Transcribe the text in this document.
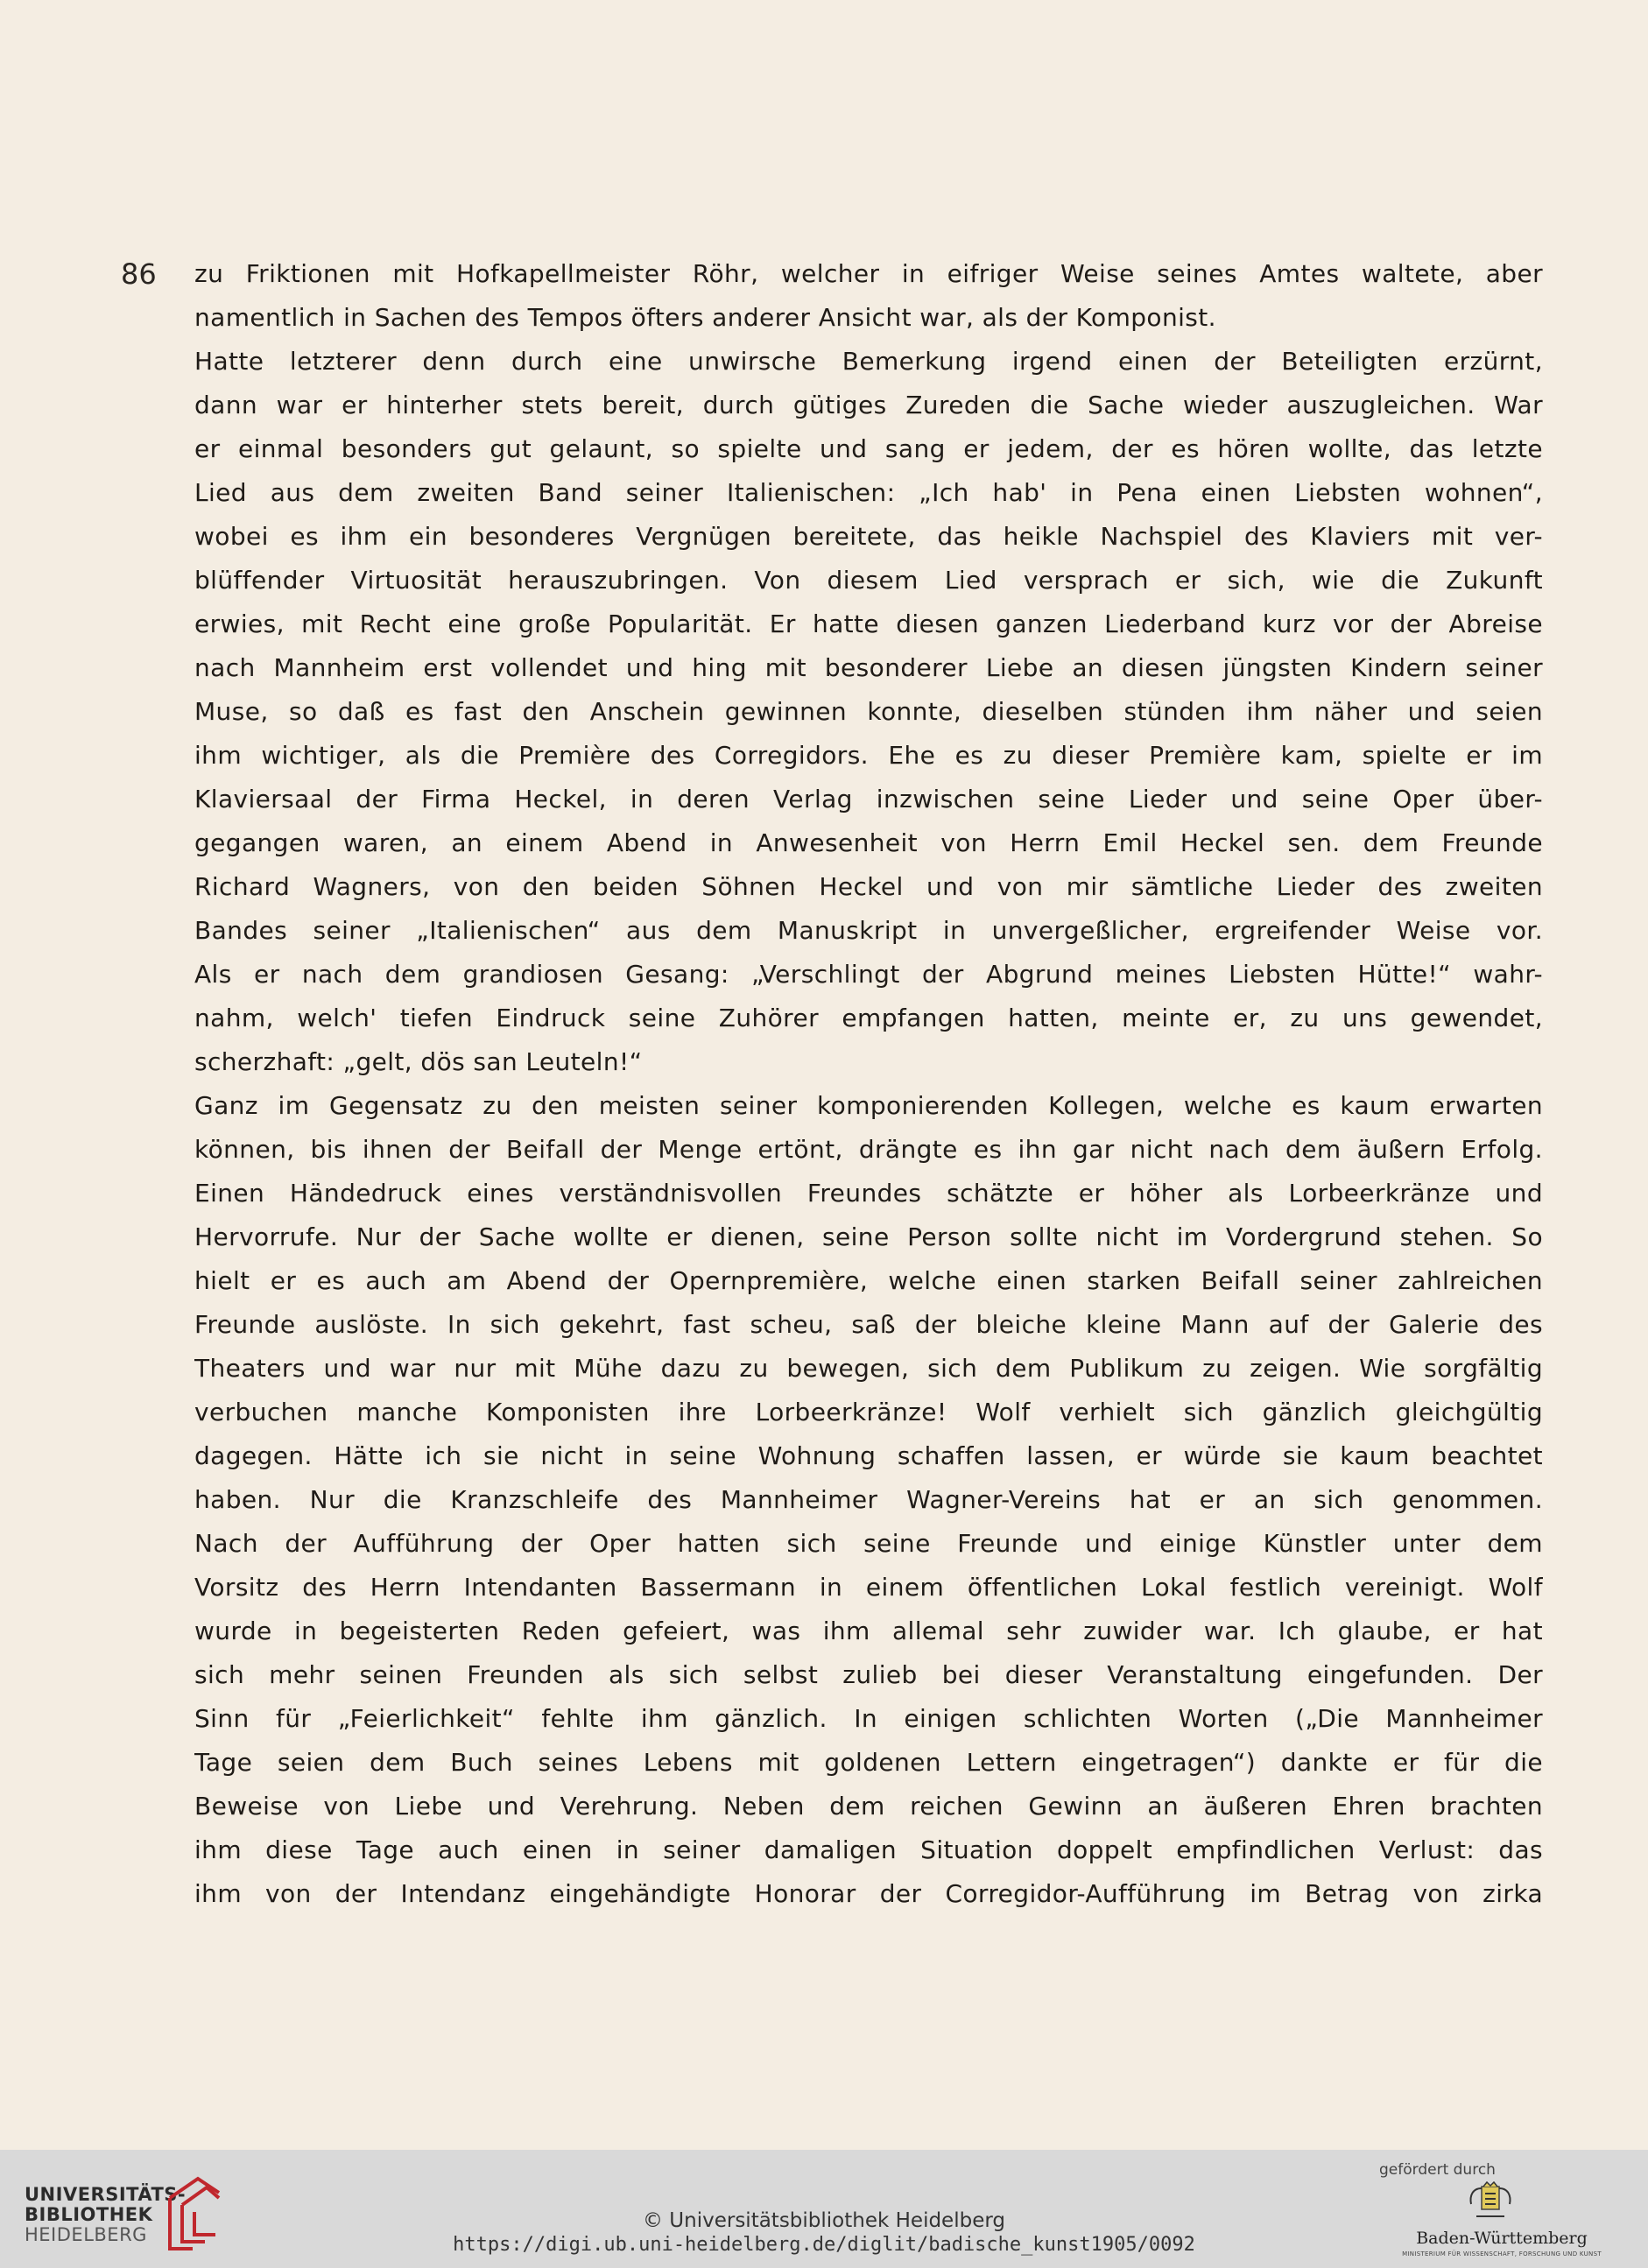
86 zu Friktionen mit Hofkapellmeister Röhr, welcher in eifriger Weise seines Amtes waltete, aber
namentlich in Sachen des Tempos öfters anderer Ansicht war, als der Komponist.
Hatte letzterer denn durch eine unwirsche Bemerkung irgend einen der Beteiligten erzürnt,
dann war er hinterher stets bereit, durch gütiges Zureden die Sache wieder auszugleichen. War
er einmal besonders gut gelaunt, so spielte und sang er jedem, der es hören wollte, das letzte
Lied aus dem zweiten Band seiner Italienischen: „Ich hab' in Pena einen Liebsten wohnen“,
wobei es ihm ein besonderes Vergnügen bereitete, das heikle Nachspiel des Klaviers mit ver-
blüffender Virtuosität herauszubringen. Von diesem Lied versprach er sich, wie die Zukunft
erwies, mit Recht eine große Popularität. Er hatte diesen ganzen Liederband kurz vor der Abreise
nach Mannheim erst vollendet und hing mit besonderer Liebe an diesen jüngsten Kindern seiner
Muse, so daß es fast den Anschein gewinnen konnte, dieselben stünden ihm näher und seien
ihm wichtiger, als die Première des Corregidors. Ehe es zu dieser Première kam, spielte er im
Klaviersaal der Firma Heckel, in deren Verlag inzwischen seine Lieder und seine Oper über-
gegangen waren, an einem Abend in Anwesenheit von Herrn Emil Heckel sen. dem Freunde
Richard Wagners, von den beiden Söhnen Heckel und von mir sämtliche Lieder des zweiten
Bandes seiner „Italienischen“ aus dem Manuskript in unvergeßlicher, ergreifender Weise vor.
Als er nach dem grandiosen Gesang: „Verschlingt der Abgrund meines Liebsten Hütte!“ wahr-
nahm, welch' tiefen Eindruck seine Zuhörer empfangen hatten, meinte er, zu uns gewendet,
scherzhaft: „gelt, dös san Leuteln!“
Ganz im Gegensatz zu den meisten seiner komponierenden Kollegen, welche es kaum erwarten
können, bis ihnen der Beifall der Menge ertönt, drängte es ihn gar nicht nach dem äußern Erfolg.
Einen Händedruck eines verständnisvollen Freundes schätzte er höher als Lorbeerkränze und
Hervorrufe. Nur der Sache wollte er dienen, seine Person sollte nicht im Vordergrund stehen. So
hielt er es auch am Abend der Opernpremière, welche einen starken Beifall seiner zahlreichen
Freunde auslöste. In sich gekehrt, fast scheu, saß der bleiche kleine Mann auf der Galerie des
Theaters und war nur mit Mühe dazu zu bewegen, sich dem Publikum zu zeigen. Wie sorgfältig
verbuchen manche Komponisten ihre Lorbeerkränze! Wolf verhielt sich gänzlich gleichgültig
dagegen. Hätte ich sie nicht in seine Wohnung schaffen lassen, er würde sie kaum beachtet
haben. Nur die Kranzschleife des Mannheimer Wagner-Vereins hat er an sich genommen.
Nach der Aufführung der Oper hatten sich seine Freunde und einige Künstler unter dem
Vorsitz des Herrn Intendanten Bassermann in einem öffentlichen Lokal festlich vereinigt. Wolf
wurde in begeisterten Reden gefeiert, was ihm allemal sehr zuwider war. Ich glaube, er hat
sich mehr seinen Freunden als sich selbst zulieb bei dieser Veranstaltung eingefunden. Der
Sinn für „Feierlichkeit“ fehlte ihm gänzlich. In einigen schlichten Worten („Die Mannheimer
Tage seien dem Buch seines Lebens mit goldenen Lettern eingetragen“) dankte er für die
Beweise von Liebe und Verehrung. Neben dem reichen Gewinn an äußeren Ehren brachten
ihm diese Tage auch einen in seiner damaligen Situation doppelt empfindlichen Verlust: das
ihm von der Intendanz eingehändigte Honorar der Corregidor-Aufführung im Betrag von zirka
UNIVERSITÄTS-
BIBLIOTHEK
HEIDELBERG
© Universitätsbibliothek Heidelberg
https://digi.ub.uni-heidelberg.de/diglit/badische_kunst1905/0092
gefördert durch
Baden-Württemberg
MINISTERIUM FÜR WISSENSCHAFT, FORSCHUNG UND KUNST
